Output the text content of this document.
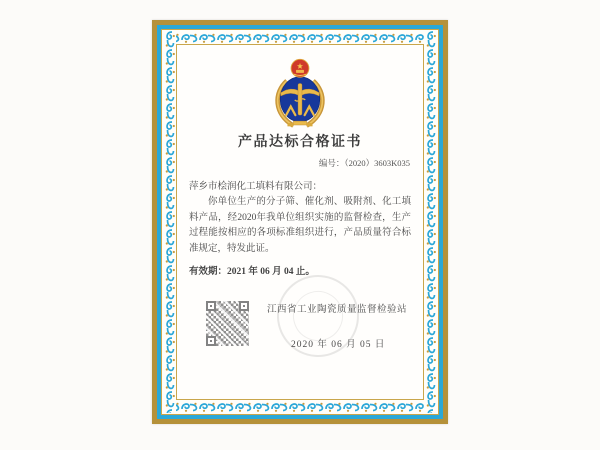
产品达标合格证书
编号：（2020）3603K035
萍乡市桧润化工填料有限公司：
你单位生产的分子筛、催化剂、吸附剂、化工填料产品，经2020年我单位组织实施的监督检查，生产过程能按相应的各项标准组织进行，产品质量符合标准规定，特发此证。
有效期：2021 年 06 月 04 止。
江西省工业陶瓷质量监督检验站
2020 年 06 月 05 日
